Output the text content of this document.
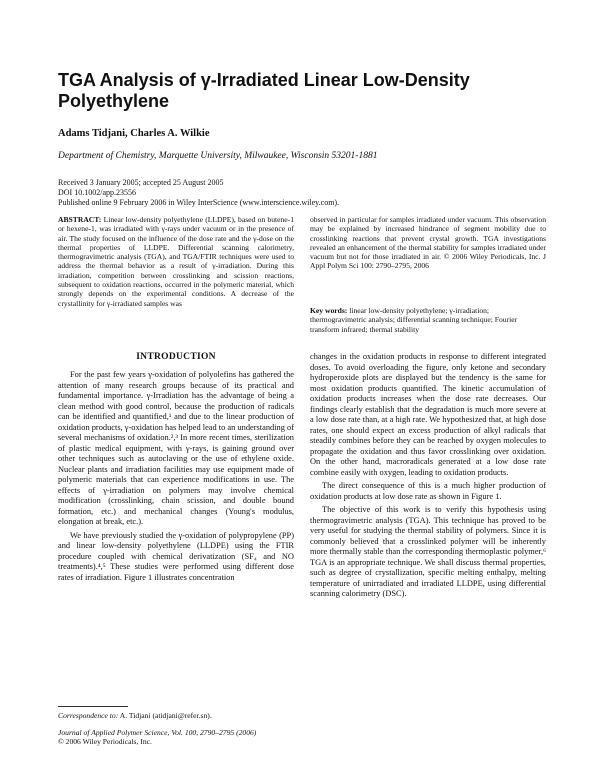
TGA Analysis of γ-Irradiated Linear Low-Density Polyethylene
Adams Tidjani, Charles A. Wilkie
Department of Chemistry, Marquette University, Milwaukee, Wisconsin 53201-1881
Received 3 January 2005; accepted 25 August 2005
DOI 10.1002/app.23556
Published online 9 February 2006 in Wiley InterScience (www.interscience.wiley.com).

ABSTRACT: Linear low-density polyethylene (LLDPE), based on butene-1 or hexene-1, was irradiated with γ-rays under vacuum or in the presence of air. The study focused on the influence of the dose rate and the γ-dose on the thermal properties of LLDPE. Differential scanning calorimetry, thermogravimetric analysis (TGA), and TGA/FTIR techniques were used to address the thermal behavior as a result of γ-irradiation. During this irradiation, competition between crosslinking and scission reactions, subsequent to oxidation reactions, occurred in the polymeric material, which strongly depends on the experimental conditions. A decrease of the crystallinity for γ-irradiated samples was

observed in particular for samples irradiated under vacuum. This observation may be explained by increased hindrance of segment mobility due to crosslinking reactions that prevent crystal growth. TGA investigations revealed an enhancement of the thermal stability for samples irradiated under vacuum but not for those irradiated in air. © 2006 Wiley Periodicals, Inc. J Appl Polym Sci 100: 2790–2795, 2006

Key words: linear low-density polyethylene; γ-irradiation; thermogravimetric analysis; differential scanning technique; Fourier transform infrared; thermal stability

INTRODUCTION

For the past few years γ-oxidation of polyolefins has gathered the attention of many research groups because of its practical and fundamental importance. γ-Irradiation has the advantage of being a clean method with good control, because the production of radicals can be identified and quantified,¹ and due to the linear production of oxidation products, γ-oxidation has helped lead to an understanding of several mechanisms of oxidation.²,³ In more recent times, sterilization of plastic medical equipment, with γ-rays, is gaining ground over other techniques such as autoclaving or the use of ethylene oxide. Nuclear plants and irradiation facilities may use equipment made of polymeric materials that can experience modifications in use. The effects of γ-irradiation on polymers may involve chemical modification (crosslinking, chain scission, and double bound formation, etc.) and mechanical changes (Young's modulus, elongation at break, etc.).

We have previously studied the γ-oxidation of polypropylene (PP) and linear low-density polyethylene (LLDPE) using the FTIR procedure coupled with chemical derivatization (SF₄ and NO treatments).⁴,⁵ These studies were performed using different dose rates of irradiation. Figure 1 illustrates concentration

changes in the oxidation products in response to different integrated doses. To avoid overloading the figure, only ketone and secondary hydroperoxide plots are displayed but the tendency is the same for most oxidation products quantified. The kinetic accumulation of oxidation products increases when the dose rate decreases. Our findings clearly establish that the degradation is much more severe at a low dose rate than, at a high rate. We hypothesized that, at high dose rates, one should expect an excess production of alkyl radicals that steadily combines before they can be reached by oxygen molecules to propagate the oxidation and thus favor crosslinking over oxidation. On the other hand, macroradicals generated at a low dose rate combine easily with oxygen, leading to oxidation products.

The direct consequence of this is a much higher production of oxidation products at low dose rate as shown in Figure 1.

The objective of this work is to verify this hypothesis using thermogravimetric analysis (TGA). This technique has proved to be very useful for studying the thermal stability of polymers. Since it is commonly believed that a crosslinked polymer will be inherently more thermally stable than the corresponding thermoplastic polymer,⁶ TGA is an appropriate technique. We shall discuss thermal properties, such as degree of crystallization, specific melting enthalpy, melting temperature of unirradiated and irradiated LLDPE, using differential scanning calorimetry (DSC).

Correspondence to: A. Tidjani (atidjani@refer.sn).
Journal of Applied Polymer Science, Vol. 100, 2790–2795 (2006)
© 2006 Wiley Periodicals, Inc.
